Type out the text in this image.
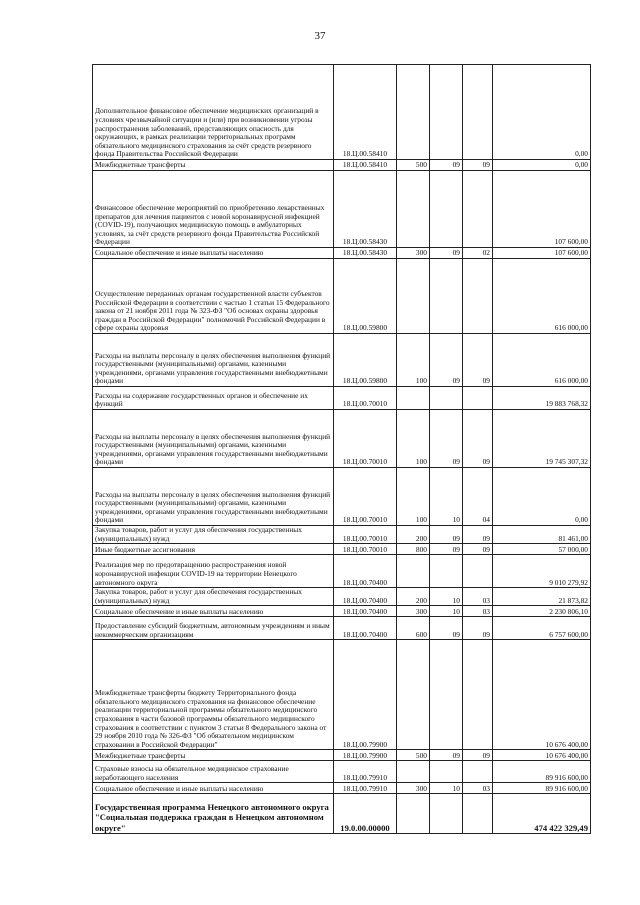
37
Дополнительное финансовое обеспечение медицинских организаций в условиях чрезвычайной ситуации и (или) при возникновении угрозы распространения заболеваний, представляющих опасность для окружающих, в рамках реализации территориальных программ обязательного медицинского страхования за счёт средств резервного фонда Правительства Российской Федерации	18.Ц.00.58410				0,00
Межбюджетные трансферты	18.Ц.00.58410	500	09	09	0,00
Финансовое обеспечение мероприятий по приобретению лекарственных препаратов для лечения пациентов с новой коронавирусной инфекцией (COVID-19), получающих медицинскую помощь в амбулаторных условиях, за счёт средств резервного фонда Правительства Российской Федерации	18.Ц.00.58430				107 600,00
Социальное обеспечение и иные выплаты населению	18.Ц.00.58430	300	09	02	107 600,00
Осуществление переданных органам государственной власти субъектов Российской Федерации в соответствии с частью 1 статьи 15 Федерального закона от 21 ноября 2011 года № 323-ФЗ "Об основах охраны здоровья граждан в Российской Федерации" полномочий Российской Федерации в сфере охраны здоровья	18.Ц.00.59800				616 000,00
Расходы на выплаты персоналу в целях обеспечения выполнения функций государственными (муниципальными) органами, казенными учреждениями, органами управления государственными внебюджетными фондами	18.Ц.00.59800	100	09	09	616 000,00
Расходы на содержание государственных органов и обеспечение их функций	18.Ц.00.70010				19 883 768,32
Расходы на выплаты персоналу в целях обеспечения выполнения функций государственными (муниципальными) органами, казенными учреждениями, органами управления государственными внебюджетными фондами	18.Ц.00.70010	100	09	09	19 745 307,32
Расходы на выплаты персоналу в целях обеспечения выполнения функций государственными (муниципальными) органами, казенными учреждениями, органами управления государственными внебюджетными фондами	18.Ц.00.70010	100	10	04	0,00
Закупка товаров, работ и услуг для обеспечения государственных (муниципальных) нужд	18.Ц.00.70010	200	09	09	81 461,00
Иные бюджетные ассигнования	18.Ц.00.70010	800	09	09	57 000,00
Реализация мер по предотвращению распространения новой коронавирусной инфекции COVID-19 на территории Ненецкого автономного округа	18.Ц.00.70400				9 010 279,92
Закупка товаров, работ и услуг для обеспечения государственных (муниципальных) нужд	18.Ц.00.70400	200	10	03	21 873,82
Социальное обеспечение и иные выплаты населению	18.Ц.00.70400	300	10	03	2 230 806,10
Предоставление субсидий бюджетным, автономным учреждениям и иным некоммерческим организациям	18.Ц.00.70400	600	09	09	6 757 600,00
Межбюджетные трансферты бюджету Территориального фонда обязательного медицинского страхования на финансовое обеспечение реализации территориальной программы обязательного медицинского страхования в части базовой программы обязательного медицинского страхования в соответствии с пунктом 3 статьи 8 Федерального закона от 29 ноября 2010 года № 326-ФЗ "Об обязательном медицинском страховании в Российской Федерации"	18.Ц.00.79900				10 676 400,00
Межбюджетные трансферты	18.Ц.00.79900	500	09	09	10 676 400,00
Страховые взносы на обязательное медицинское страхование неработающего населения	18.Ц.00.79910				89 916 600,00
Социальное обеспечение и иные выплаты населению	18.Ц.00.79910	300	10	03	89 916 600,00
Государственная программа Ненецкого автономного округа "Социальная поддержка граждан в Ненецком автономном округе"	19.0.00.00000				474 422 329,49
